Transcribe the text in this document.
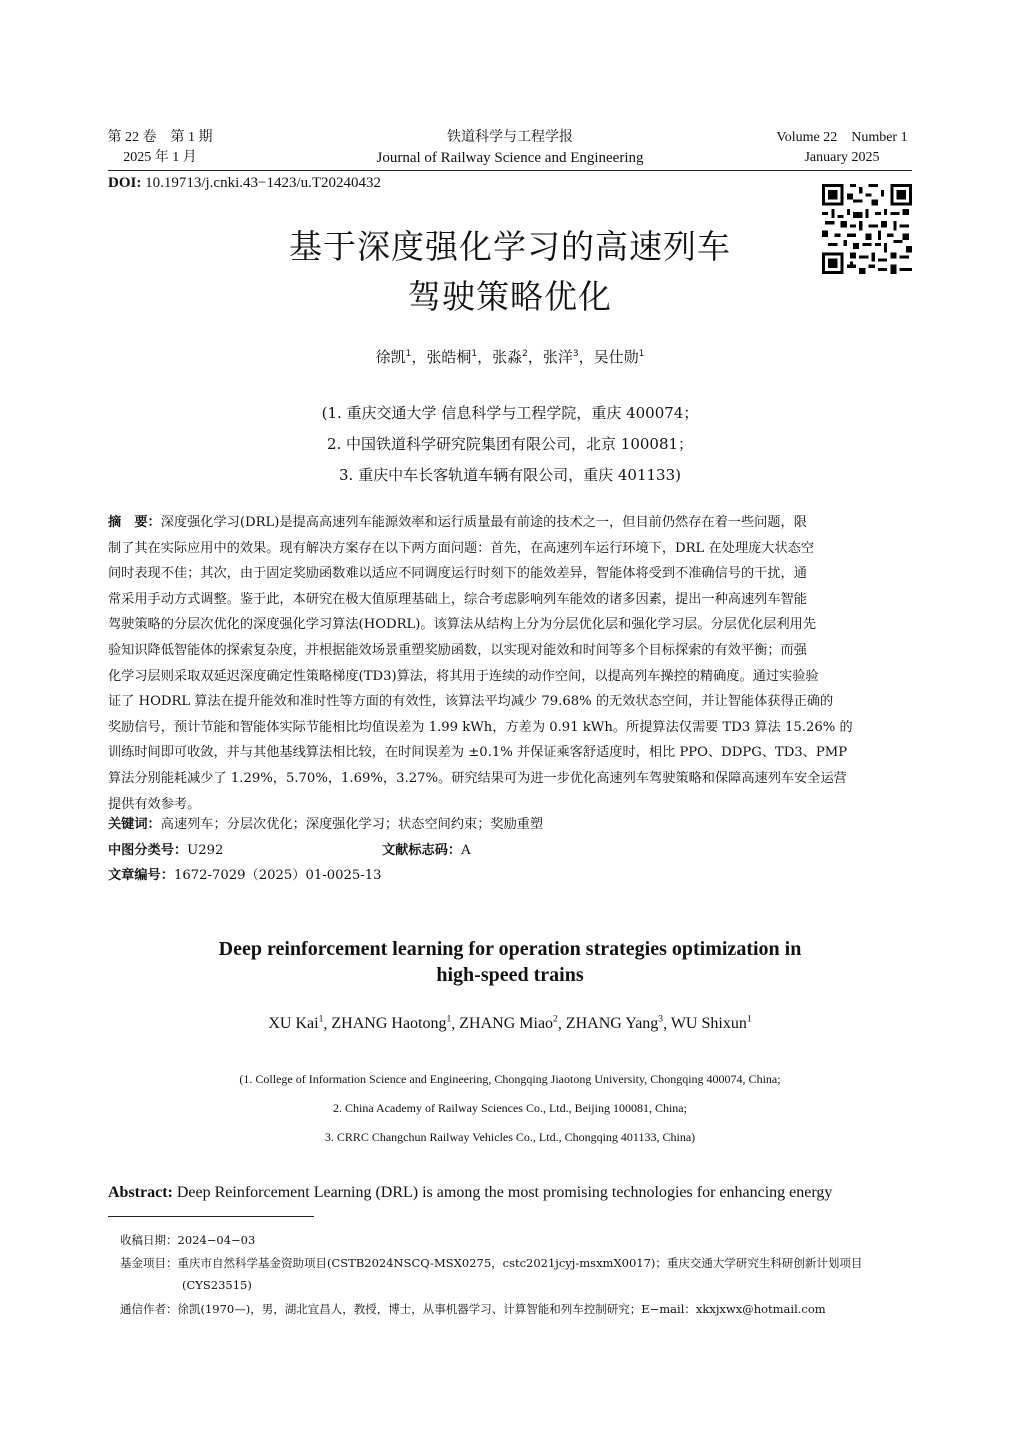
第 22 卷　第 1 期
2025 年 1 月
铁道科学与工程学报
Journal of Railway Science and Engineering
Volume 22　Number 1
January 2025
DOI: 10.19713/j.cnki.43−1423/u.T20240432
基于深度强化学习的高速列车
驾驶策略优化
徐凯$^1$，张皓桐$^1$，张淼$^2$，张洋$^3$，吴仕勋$^1$
(1. 重庆交通大学 信息科学与工程学院，重庆 400074；
2. 中国铁道科学研究院集团有限公司，北京 100081；
3. 重庆中车长客轨道车辆有限公司，重庆 401133)

摘　要：深度强化学习(DRL)是提高高速列车能源效率和运行质量最有前途的技术之一，但目前仍然存在着一些问题，限

制了其在实际应用中的效果。现有解决方案存在以下两方面问题：首先，在高速列车运行环境下，DRL 在处理庞大状态空

间时表现不佳；其次，由于固定奖励函数难以适应不同调度运行时刻下的能效差异，智能体将受到不准确信号的干扰，通

常采用手动方式调整。鉴于此，本研究在极大值原理基础上，综合考虑影响列车能效的诸多因素，提出一种高速列车智能

驾驶策略的分层次优化的深度强化学习算法(HODRL)。该算法从结构上分为分层优化层和强化学习层。分层优化层利用先

验知识降低智能体的探索复杂度，并根据能效场景重塑奖励函数，以实现对能效和时间等多个目标探索的有效平衡；而强

化学习层则采取双延迟深度确定性策略梯度(TD3)算法，将其用于连续的动作空间，以提高列车操控的精确度。通过实验验

证了 HODRL 算法在提升能效和准时性等方面的有效性，该算法平均减少 79.68% 的无效状态空间，并让智能体获得正确的

奖励信号，预计节能和智能体实际节能相比均值误差为 1.99 kWh，方差为 0.91 kWh。所提算法仅需要 TD3 算法 15.26% 的

训练时间即可收敛，并与其他基线算法相比较，在时间误差为 ±0.1% 并保证乘客舒适度时，相比 PPO、DDPG、TD3、PMP

算法分别能耗减少了 1.29%，5.70%，1.69%，3.27%。研究结果可为进一步优化高速列车驾驶策略和保障高速列车安全运营

提供有效参考。

关键词：高速列车；分层次优化；深度强化学习；状态空间约束；奖励重塑
中图分类号：U292	文献标志码：A
文章编号：1672-7029（2025）01-0025-13
Deep reinforcement learning for operation strategies optimization in
high-speed trains
XU Kai$^1$, ZHANG Haotong$^1$, ZHANG Miao$^2$, ZHANG Yang$^3$, WU Shixun$^1$
(1. College of Information Science and Engineering, Chongqing Jiaotong University, Chongqing 400074, China;
2. China Academy of Railway Sciences Co., Ltd., Beijing 100081, China;
3. CRRC Changchun Railway Vehicles Co., Ltd., Chongqing 401133, China)
Abstract: Deep Reinforcement Learning (DRL) is among the most promising technologies for enhancing energy
收稿日期：2024−04−03
基金项目：重庆市自然科学基金资助项目(CSTB2024NSCQ-MSX0275，cstc2021jcyj-msxmX0017)；重庆交通大学研究生科研创新计划项目
(CYS23515)
通信作者：徐凯(1970—)，男，湖北宜昌人，教授，博士，从事机器学习、计算智能和列车控制研究；E−mail：xkxjxwx@hotmail.com
